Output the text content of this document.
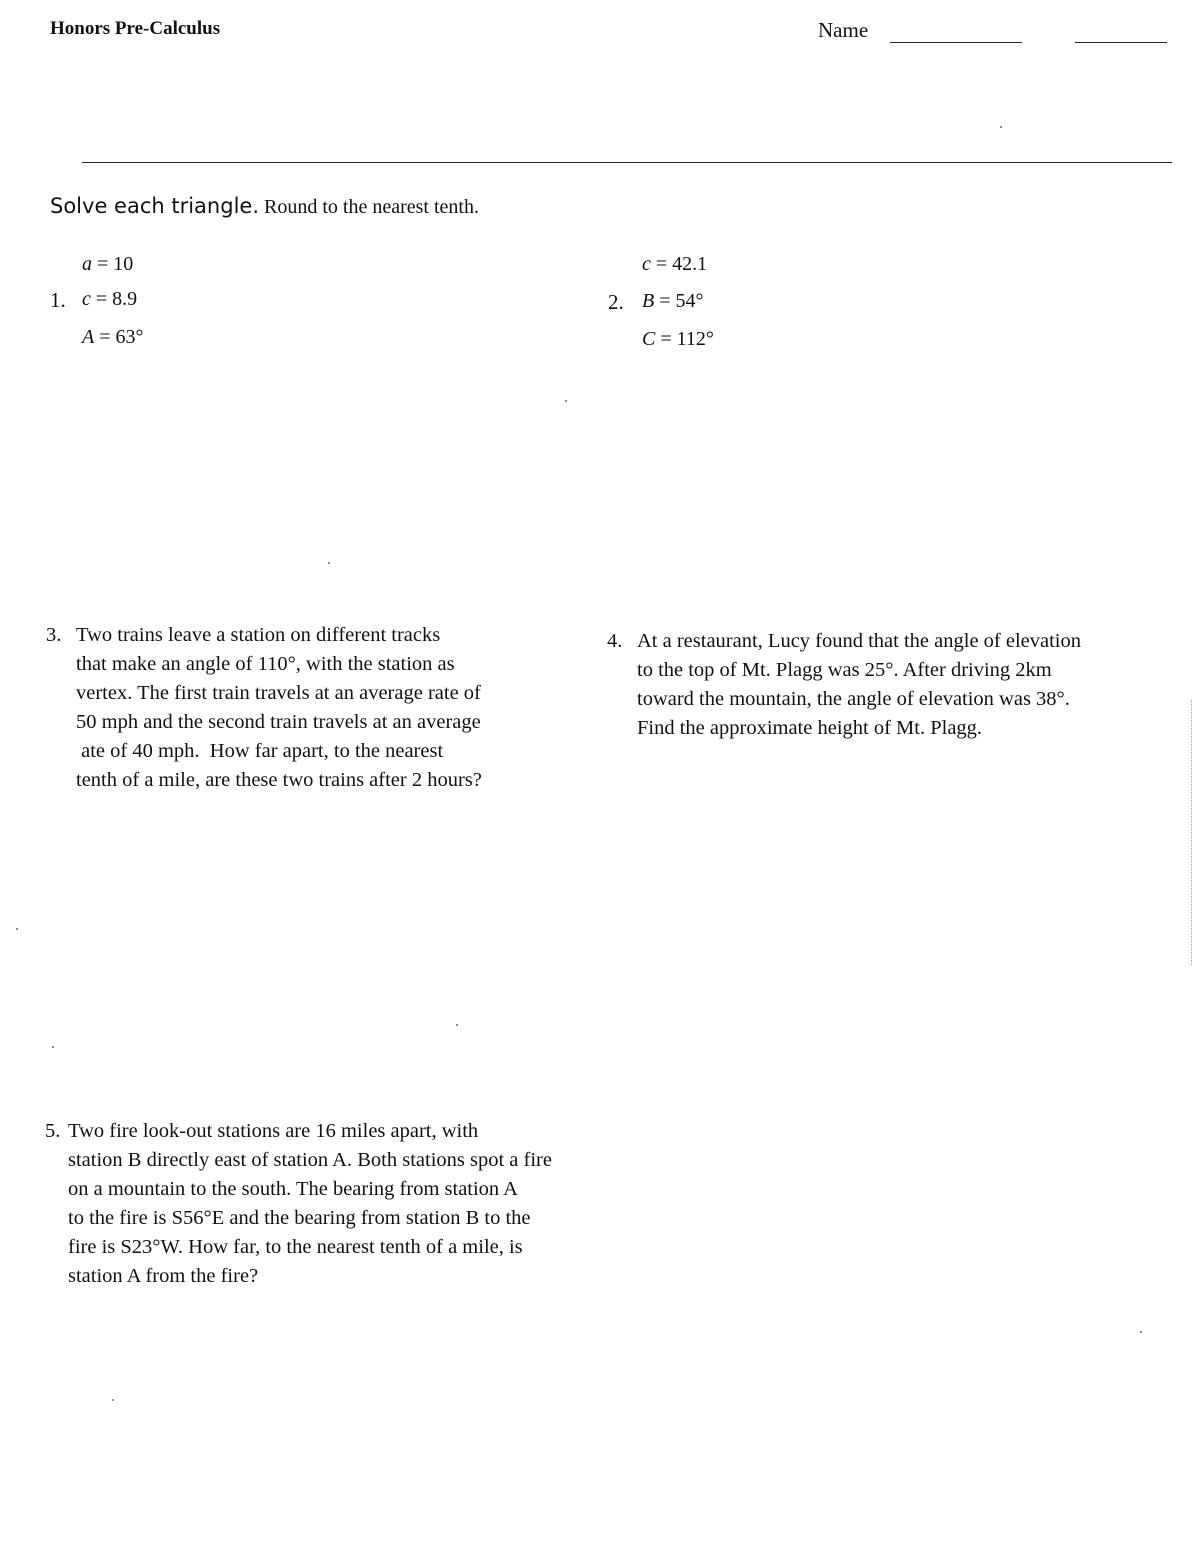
Honors Pre-Calculus	Name
Solve each triangle. Round to the nearest tenth.
1.
a = 10
c = 8.9
A = 63°
2.
c = 42.1
B = 54°
C = 112°
3. Two trains leave a station on different tracks
that make an angle of 110°, with the station as
vertex. The first train travels at an average rate of
50 mph and the second train travels at an average
ate of 40 mph.  How far apart, to the nearest
tenth of a mile, are these two trains after 2 hours?
4. At a restaurant, Lucy found that the angle of elevation
to the top of Mt. Plagg was 25°. After driving 2km
toward the mountain, the angle of elevation was 38°.
Find the approximate height of Mt. Plagg.
5. Two fire look-out stations are 16 miles apart, with
station B directly east of station A. Both stations spot a fire
on a mountain to the south. The bearing from station A
to the fire is S56°E and the bearing from station B to the
fire is S23°W. How far, to the nearest tenth of a mile, is
station A from the fire?
